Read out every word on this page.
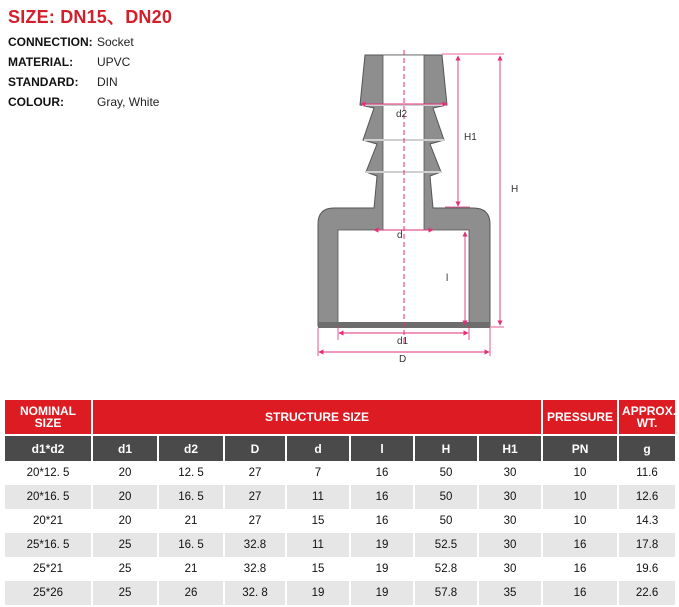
SIZE: DN15、DN20
CONNECTION: Socket
MATERIAL:	UPVC
STANDARD:	DIN
COLOUR:	Gray, White
d2
d
d1
D
H1
H
l
NOMINAL SIZE	STRUCTURE SIZE							PRESSURE	APPROX. WT.
d1*d2	d1	d2	D	d	l	H	H1	PN	g
20*12. 5	20	12. 5	27	7	16	50	30	10	11.6
20*16. 5	20	16. 5	27	11	16	50	30	10	12.6
20*21	20	21	27	15	16	50	30	10	14.3
25*16. 5	25	16. 5	32.8	11	19	52.5	30	16	17.8
25*21	25	21	32.8	15	19	52.8	30	16	19.6
25*26	25	26	32. 8	19	19	57.8	35	16	22.6
